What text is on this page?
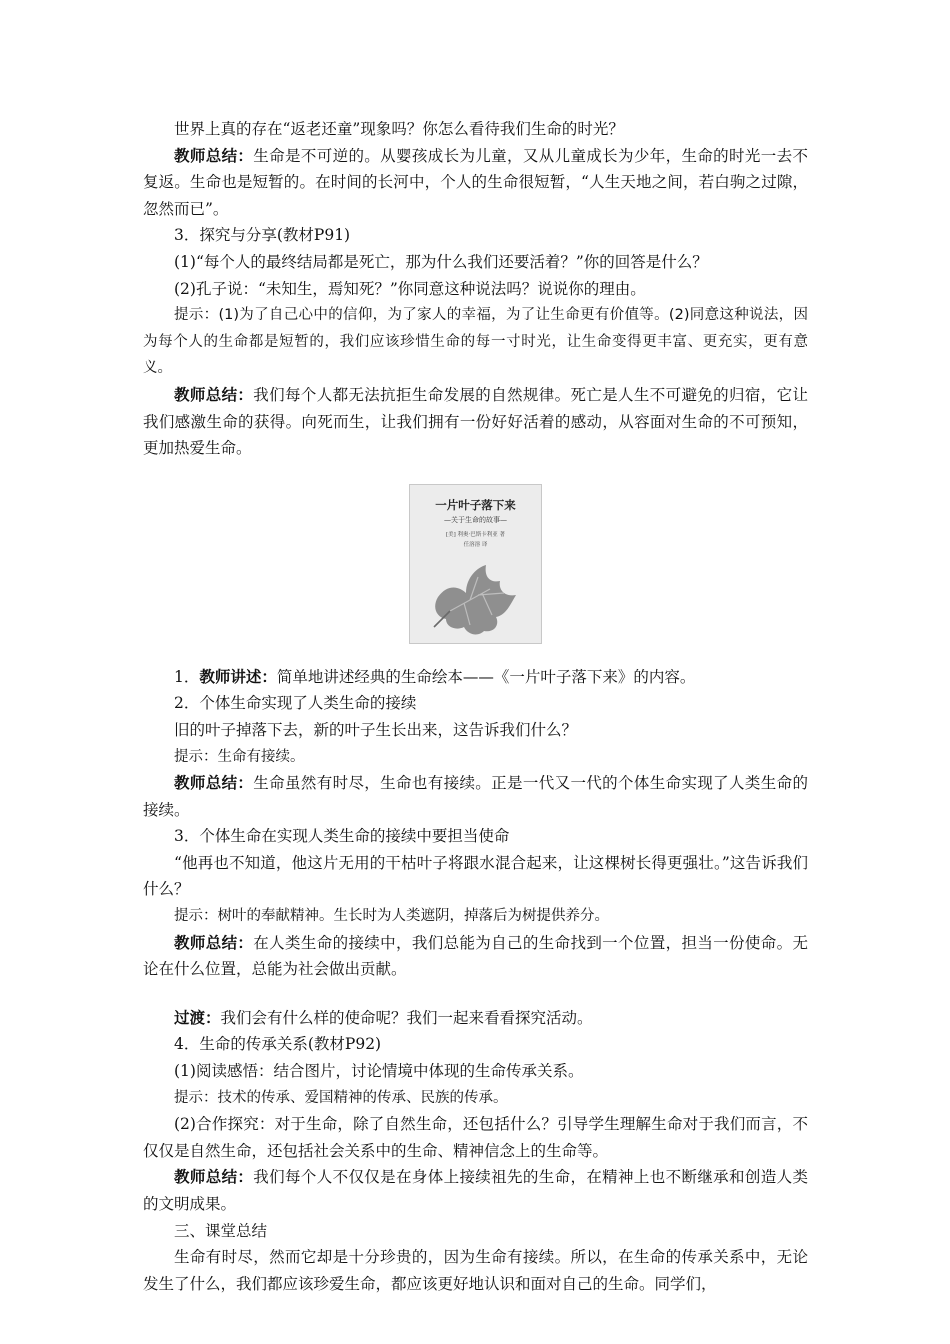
世界上真的存在“返老还童”现象吗？你怎么看待我们生命的时光？

教师总结：生命是不可逆的。从婴孩成长为儿童，又从儿童成长为少年，生命的时光一去不复返。生命也是短暂的。在时间的长河中，个人的生命很短暂，“人生天地之间，若白驹之过隙，忽然而已”。

3．探究与分享(教材P91)

(1)“每个人的最终结局都是死亡，那为什么我们还要活着？”你的回答是什么？

(2)孔子说：“未知生，焉知死？”你同意这种说法吗？说说你的理由。

提示：(1)为了自己心中的信仰，为了家人的幸福，为了让生命更有价值等。(2)同意这种说法，因为每个人的生命都是短暂的，我们应该珍惜生命的每一寸时光，让生命变得更丰富、更充实，更有意义。

教师总结：我们每个人都无法抗拒生命发展的自然规律。死亡是人生不可避免的归宿，它让我们感激生命的获得。向死而生，让我们拥有一份好好活着的感动，从容面对生命的不可预知，更加热爱生命。

一片叶子落下来
—关于生命的故事—
[美] 利奥·巴斯卡利亚 著
任溶溶 译

1．教师讲述：简单地讲述经典的生命绘本——《一片叶子落下来》的内容。

2．个体生命实现了人类生命的接续

旧的叶子掉落下去，新的叶子生长出来，这告诉我们什么？

提示：生命有接续。

教师总结：生命虽然有时尽，生命也有接续。正是一代又一代的个体生命实现了人类生命的接续。

3．个体生命在实现人类生命的接续中要担当使命

“他再也不知道，他这片无用的干枯叶子将跟水混合起来，让这棵树长得更强壮。”这告诉我们什么？

提示：树叶的奉献精神。生长时为人类遮阴，掉落后为树提供养分。

教师总结：在人类生命的接续中，我们总能为自己的生命找到一个位置，担当一份使命。无论在什么位置，总能为社会做出贡献。

过渡：我们会有什么样的使命呢？我们一起来看看探究活动。

4．生命的传承关系(教材P92)

(1)阅读感悟：结合图片，讨论情境中体现的生命传承关系。

提示：技术的传承、爱国精神的传承、民族的传承。

(2)合作探究：对于生命，除了自然生命，还包括什么？引导学生理解生命对于我们而言，不仅仅是自然生命，还包括社会关系中的生命、精神信念上的生命等。

教师总结：我们每个人不仅仅是在身体上接续祖先的生命，在精神上也不断继承和创造人类的文明成果。

三、课堂总结

生命有时尽，然而它却是十分珍贵的，因为生命有接续。所以，在生命的传承关系中，无论发生了什么，我们都应该珍爱生命，都应该更好地认识和面对自己的生命。同学们，
